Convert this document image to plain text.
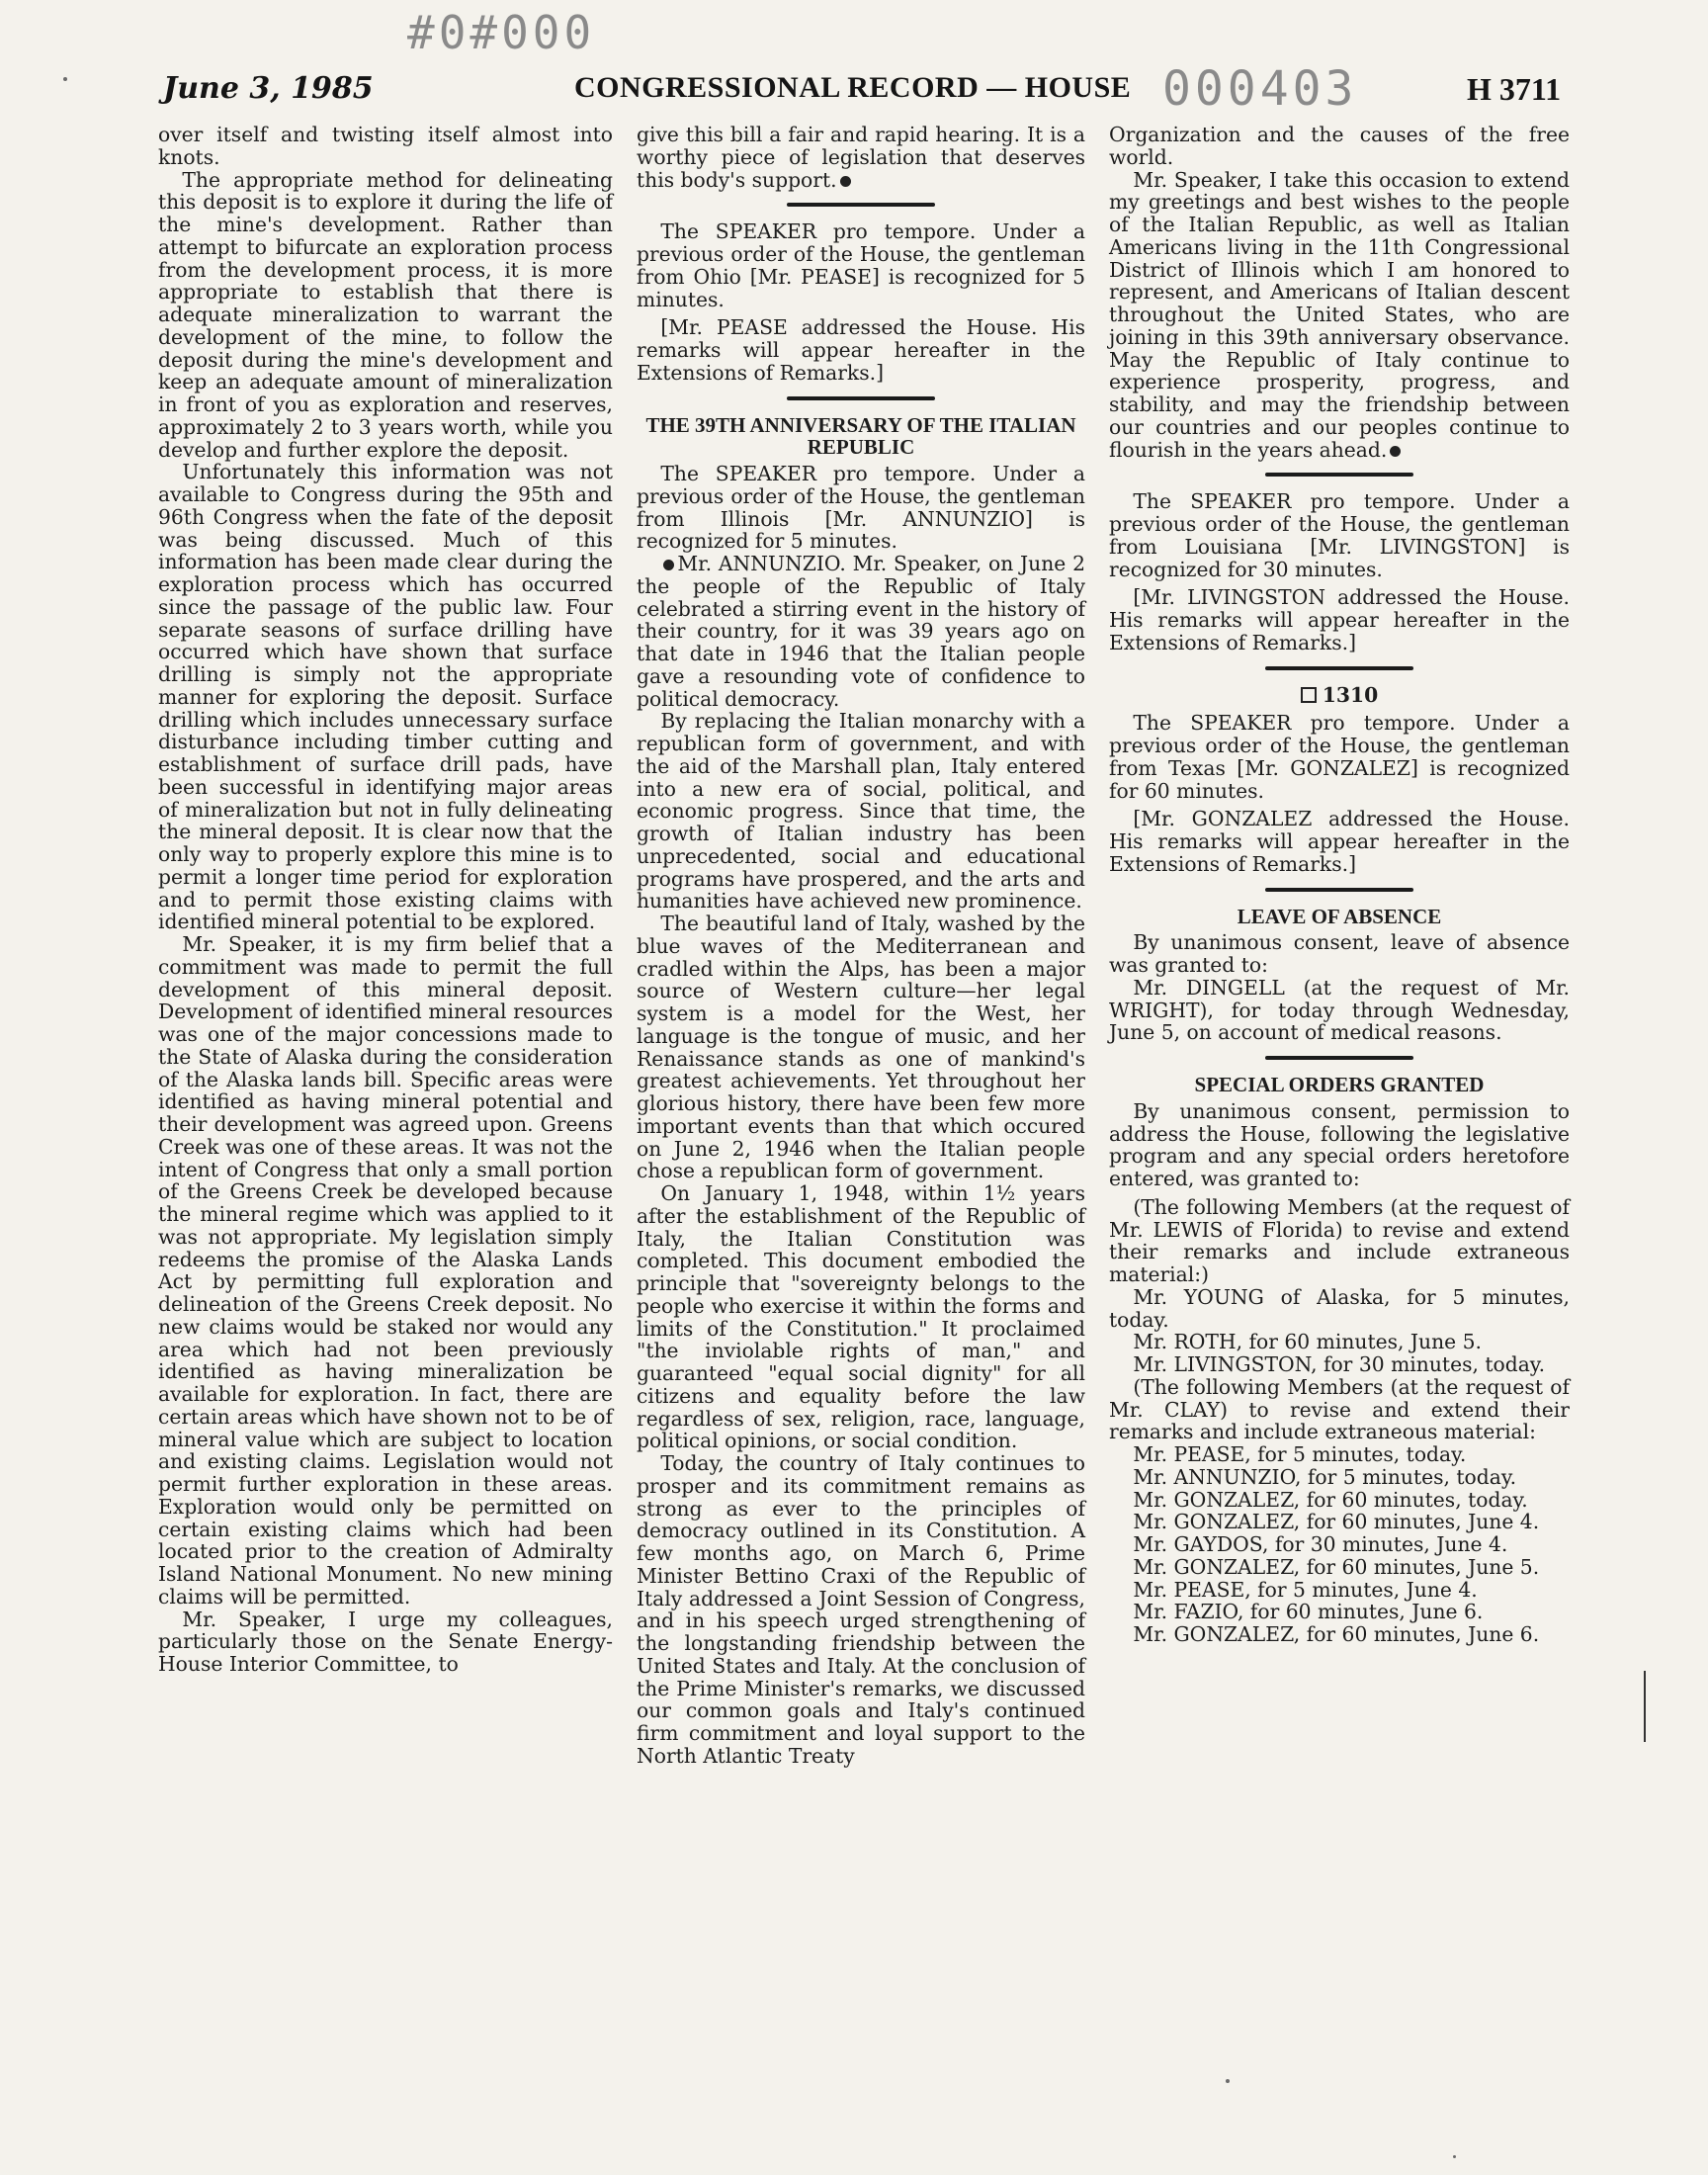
#0#000
000403
June 3, 1985	CONGRESSIONAL RECORD — HOUSE	H 3711

over itself and twisting itself almost into knots.

The appropriate method for delineating this deposit is to explore it during the life of the mine's development. Rather than attempt to bifurcate an exploration process from the development process, it is more appropriate to establish that there is adequate mineralization to warrant the development of the mine, to follow the deposit during the mine's development and keep an adequate amount of mineralization in front of you as exploration and reserves, approximately 2 to 3 years worth, while you develop and further explore the deposit.

Unfortunately this information was not available to Congress during the 95th and 96th Congress when the fate of the deposit was being discussed. Much of this information has been made clear during the exploration process which has occurred since the passage of the public law. Four separate seasons of surface drilling have occurred which have shown that surface drilling is simply not the appropriate manner for exploring the deposit. Surface drilling which includes unnecessary surface disturbance including timber cutting and establishment of surface drill pads, have been successful in identifying major areas of mineralization but not in fully delineating the mineral deposit. It is clear now that the only way to properly explore this mine is to permit a longer time period for exploration and to permit those existing claims with identified mineral potential to be explored.

Mr. Speaker, it is my firm belief that a commitment was made to permit the full development of this mineral deposit. Development of identified mineral resources was one of the major concessions made to the State of Alaska during the consideration of the Alaska lands bill. Specific areas were identified as having mineral potential and their development was agreed upon. Greens Creek was one of these areas. It was not the intent of Congress that only a small portion of the Greens Creek be developed because the mineral regime which was applied to it was not appropriate. My legislation simply redeems the promise of the Alaska Lands Act by permitting full exploration and delineation of the Greens Creek deposit. No new claims would be staked nor would any area which had not been previously identified as having mineralization be available for exploration. In fact, there are certain areas which have shown not to be of mineral value which are subject to location and existing claims. Legislation would not permit further exploration in these areas. Exploration would only be permitted on certain existing claims which had been located prior to the creation of Admiralty Island National Monument. No new mining claims will be permitted.

Mr. Speaker, I urge my colleagues, particularly those on the Senate Energy-House Interior Committee, to

give this bill a fair and rapid hearing. It is a worthy piece of legislation that deserves this body's support.

The SPEAKER pro tempore. Under a previous order of the House, the gentleman from Ohio [Mr. PEASE] is recognized for 5 minutes.

[Mr. PEASE addressed the House. His remarks will appear hereafter in the Extensions of Remarks.]

THE 39TH ANNIVERSARY OF THE ITALIAN REPUBLIC

The SPEAKER pro tempore. Under a previous order of the House, the gentleman from Illinois [Mr. ANNUNZIO] is recognized for 5 minutes.

Mr. ANNUNZIO. Mr. Speaker, on June 2 the people of the Republic of Italy celebrated a stirring event in the history of their country, for it was 39 years ago on that date in 1946 that the Italian people gave a resounding vote of confidence to political democracy.

By replacing the Italian monarchy with a republican form of government, and with the aid of the Marshall plan, Italy entered into a new era of social, political, and economic progress. Since that time, the growth of Italian industry has been unprecedented, social and educational programs have prospered, and the arts and humanities have achieved new prominence.

The beautiful land of Italy, washed by the blue waves of the Mediterranean and cradled within the Alps, has been a major source of Western culture—her legal system is a model for the West, her language is the tongue of music, and her Renaissance stands as one of mankind's greatest achievements. Yet throughout her glorious history, there have been few more important events than that which occured on June 2, 1946 when the Italian people chose a republican form of government.

On January 1, 1948, within 1½ years after the establishment of the Republic of Italy, the Italian Constitution was completed. This document embodied the principle that "sovereignty belongs to the people who exercise it within the forms and limits of the Constitution." It proclaimed "the inviolable rights of man," and guaranteed "equal social dignity" for all citizens and equality before the law regardless of sex, religion, race, language, political opinions, or social condition.

Today, the country of Italy continues to prosper and its commitment remains as strong as ever to the principles of democracy outlined in its Constitution. A few months ago, on March 6, Prime Minister Bettino Craxi of the Republic of Italy addressed a Joint Session of Congress, and in his speech urged strengthening of the longstanding friendship between the United States and Italy. At the conclusion of the Prime Minister's remarks, we discussed our common goals and Italy's continued firm commitment and loyal support to the North Atlantic Treaty

Organization and the causes of the free world.

Mr. Speaker, I take this occasion to extend my greetings and best wishes to the people of the Italian Republic, as well as Italian Americans living in the 11th Congressional District of Illinois which I am honored to represent, and Americans of Italian descent throughout the United States, who are joining in this 39th anniversary observance. May the Republic of Italy continue to experience prosperity, progress, and stability, and may the friendship between our countries and our peoples continue to flourish in the years ahead.

The SPEAKER pro tempore. Under a previous order of the House, the gentleman from Louisiana [Mr. LIVINGSTON] is recognized for 30 minutes.

[Mr. LIVINGSTON addressed the House. His remarks will appear hereafter in the Extensions of Remarks.]

1310

The SPEAKER pro tempore. Under a previous order of the House, the gentleman from Texas [Mr. GONZALEZ] is recognized for 60 minutes.

[Mr. GONZALEZ addressed the House. His remarks will appear hereafter in the Extensions of Remarks.]

LEAVE OF ABSENCE

By unanimous consent, leave of absence was granted to:

Mr. DINGELL (at the request of Mr. WRIGHT), for today through Wednesday, June 5, on account of medical reasons.

SPECIAL ORDERS GRANTED

By unanimous consent, permission to address the House, following the legislative program and any special orders heretofore entered, was granted to:

(The following Members (at the request of Mr. LEWIS of Florida) to revise and extend their remarks and include extraneous material:)

Mr. YOUNG of Alaska, for 5 minutes, today.

Mr. ROTH, for 60 minutes, June 5.

Mr. LIVINGSTON, for 30 minutes, today.

(The following Members (at the request of Mr. CLAY) to revise and extend their remarks and include extraneous material:

Mr. PEASE, for 5 minutes, today.

Mr. ANNUNZIO, for 5 minutes, today.

Mr. GONZALEZ, for 60 minutes, today.

Mr. GONZALEZ, for 60 minutes, June 4.

Mr. GAYDOS, for 30 minutes, June 4.

Mr. GONZALEZ, for 60 minutes, June 5.

Mr. PEASE, for 5 minutes, June 4.

Mr. FAZIO, for 60 minutes, June 6.

Mr. GONZALEZ, for 60 minutes, June 6.
